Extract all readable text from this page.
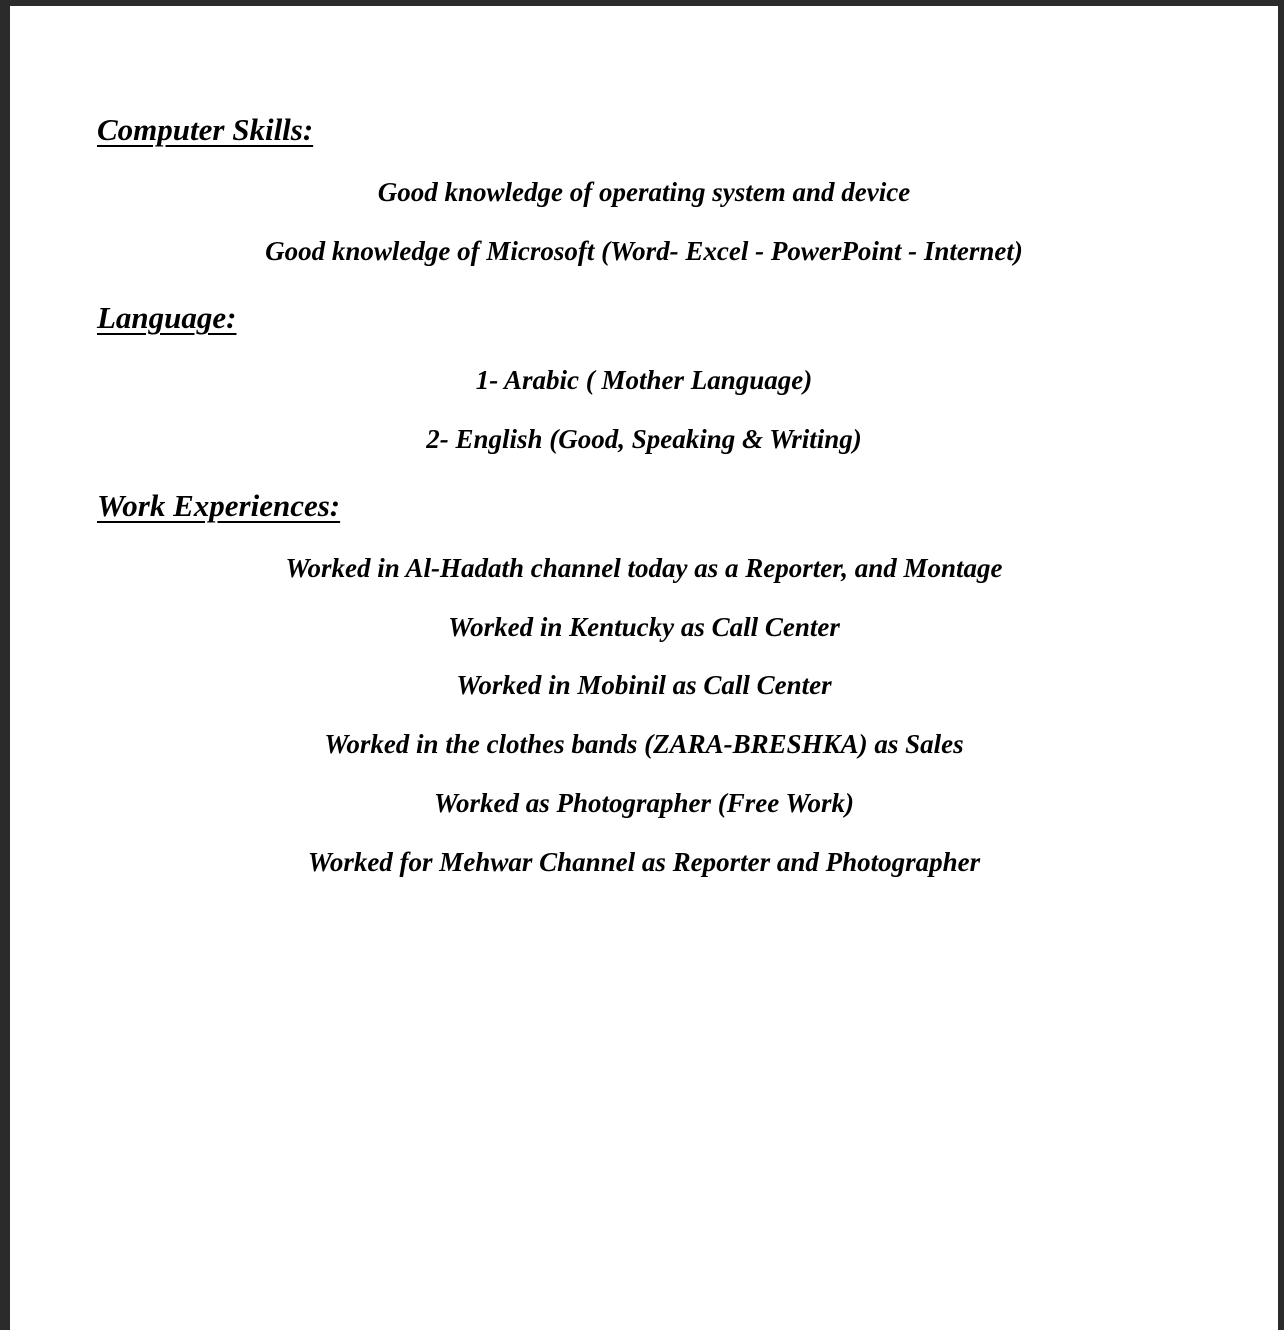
Computer Skills:

Good knowledge of operating system and device

Good knowledge of Microsoft (Word- Excel - PowerPoint - Internet)

Language:

1- Arabic ( Mother Language)

2- English (Good, Speaking & Writing)

Work Experiences:

Worked in Al-Hadath channel today as a Reporter, and Montage

Worked in Kentucky as Call Center

Worked in Mobinil as Call Center

Worked in the clothes bands (ZARA-BRESHKA) as Sales

Worked as Photographer (Free Work)

Worked for Mehwar Channel as Reporter and Photographer
